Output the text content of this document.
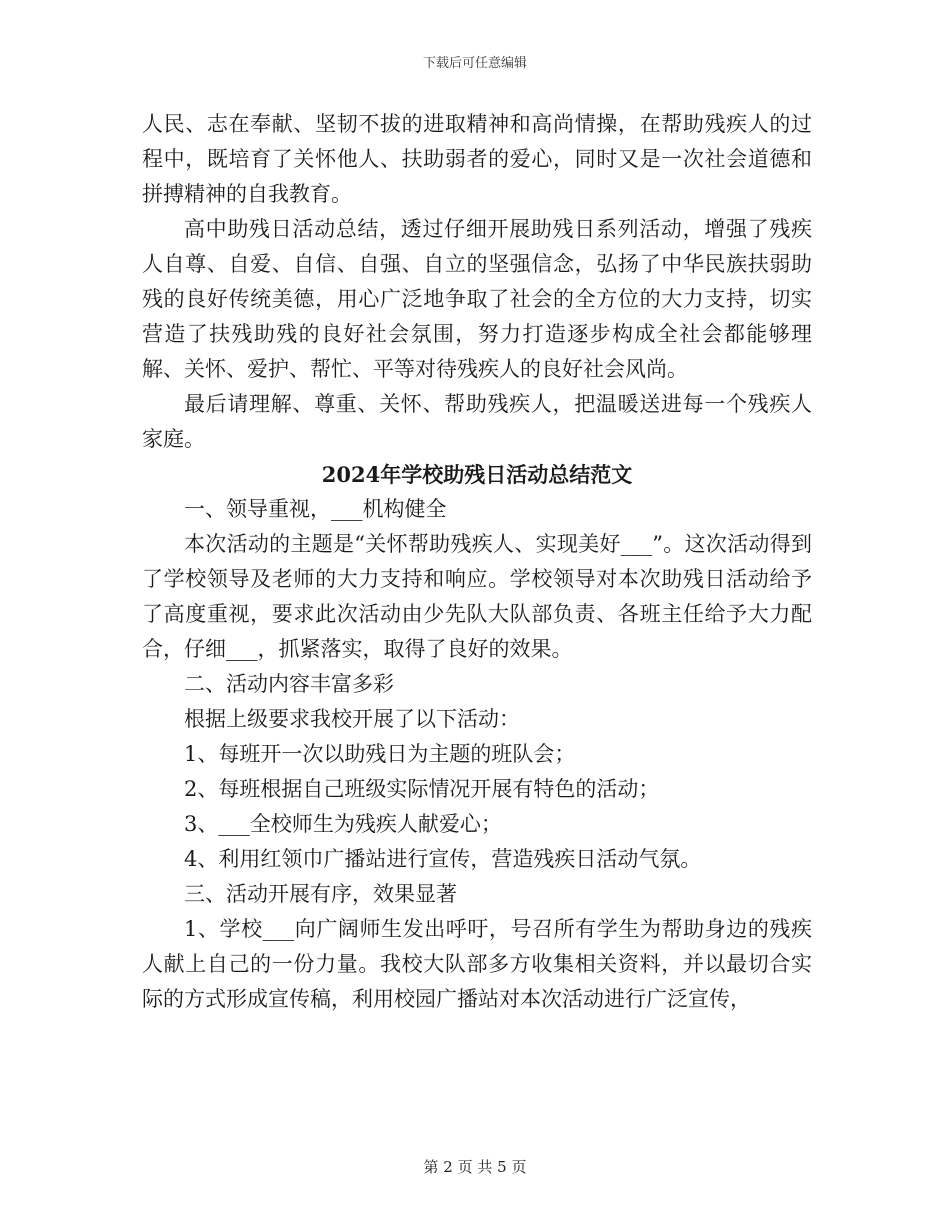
下载后可任意编辑

人民、志在奉献、坚韧不拔的进取精神和高尚情操，在帮助残疾人的过程中，既培育了关怀他人、扶助弱者的爱心，同时又是一次社会道德和拼搏精神的自我教育。

高中助残日活动总结，透过仔细开展助残日系列活动，增强了残疾人自尊、自爱、自信、自强、自立的坚强信念，弘扬了中华民族扶弱助残的良好传统美德，用心广泛地争取了社会的全方位的大力支持，切实营造了扶残助残的良好社会氛围，努力打造逐步构成全社会都能够理解、关怀、爱护、帮忙、平等对待残疾人的良好社会风尚。

最后请理解、尊重、关怀、帮助残疾人，把温暖送进每一个残疾人家庭。

2024年学校助残日活动总结范文

一、领导重视，___机构健全

本次活动的主题是“关怀帮助残疾人、实现美好___”。这次活动得到了学校领导及老师的大力支持和响应。学校领导对本次助残日活动给予了高度重视，要求此次活动由少先队大队部负责、各班主任给予大力配合，仔细___，抓紧落实，取得了良好的效果。

二、活动内容丰富多彩

根据上级要求我校开展了以下活动：

1、每班开一次以助残日为主题的班队会；

2、每班根据自己班级实际情况开展有特色的活动；

3、___全校师生为残疾人献爱心；

4、利用红领巾广播站进行宣传，营造残疾日活动气氛。

三、活动开展有序，效果显著

1、学校___向广阔师生发出呼吁，号召所有学生为帮助身边的残疾人献上自己的一份力量。我校大队部多方收集相关资料，并以最切合实际的方式形成宣传稿，利用校园广播站对本次活动进行广泛宣传，

第 2 页 共 5 页
